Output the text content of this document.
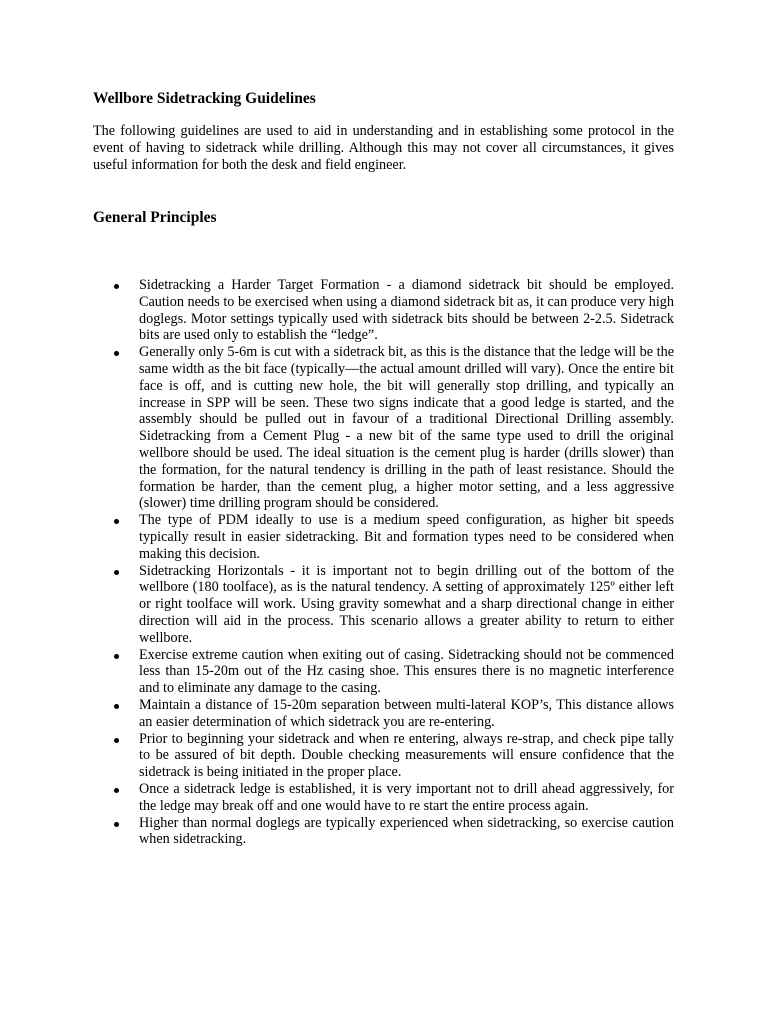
Wellbore Sidetracking Guidelines

The following guidelines are used to aid in understanding and in establishing some protocol in the event of having to sidetrack while drilling. Although this may not cover all circumstances, it gives useful information for both the desk and field engineer.

General Principles
Sidetracking a Harder Target Formation - a diamond sidetrack bit should be employed. Caution needs to be exercised when using a diamond sidetrack bit as, it can produce very high doglegs. Motor settings typically used with sidetrack bits should be between 2-2.5. Sidetrack bits are used only to establish the “ledge”.
Generally only 5-6m is cut with a sidetrack bit, as this is the distance that the ledge will be the same width as the bit face (typically—the actual amount drilled will vary). Once the entire bit face is off, and is cutting new hole, the bit will generally stop drilling, and typically an increase in SPP will be seen. These two signs indicate that a good ledge is started, and the assembly should be pulled out in favour of a traditional Directional Drilling assembly. Sidetracking from a Cement Plug - a new bit of the same type used to drill the original wellbore should be used. The ideal situation is the cement plug is harder (drills slower) than the formation, for the natural tendency is drilling in the path of least resistance. Should the formation be harder, than the cement plug, a higher motor setting, and a less aggressive (slower) time drilling program should be considered.
The type of PDM ideally to use is a medium speed configuration, as higher bit speeds typically result in easier sidetracking. Bit and formation types need to be considered when making this decision.
Sidetracking Horizontals - it is important not to begin drilling out of the bottom of the wellbore (180 toolface), as is the natural tendency. A setting of approximately 125º either left or right toolface will work. Using gravity somewhat and a sharp directional change in either direction will aid in the process. This scenario allows a greater ability to return to either wellbore.
Exercise extreme caution when exiting out of casing. Sidetracking should not be commenced less than 15-20m out of the Hz casing shoe. This ensures there is no magnetic interference and to eliminate any damage to the casing.
Maintain a distance of 15-20m separation between multi-lateral KOP’s, This distance allows an easier determination of which sidetrack you are re-entering.
Prior to beginning your sidetrack and when re entering, always re-strap, and check pipe tally to be assured of bit depth. Double checking measurements will ensure confidence that the sidetrack is being initiated in the proper place.
Once a sidetrack ledge is established, it is very important not to drill ahead aggressively, for the ledge may break off and one would have to re start the entire process again.
Higher than normal doglegs are typically experienced when sidetracking, so exercise caution when sidetracking.
